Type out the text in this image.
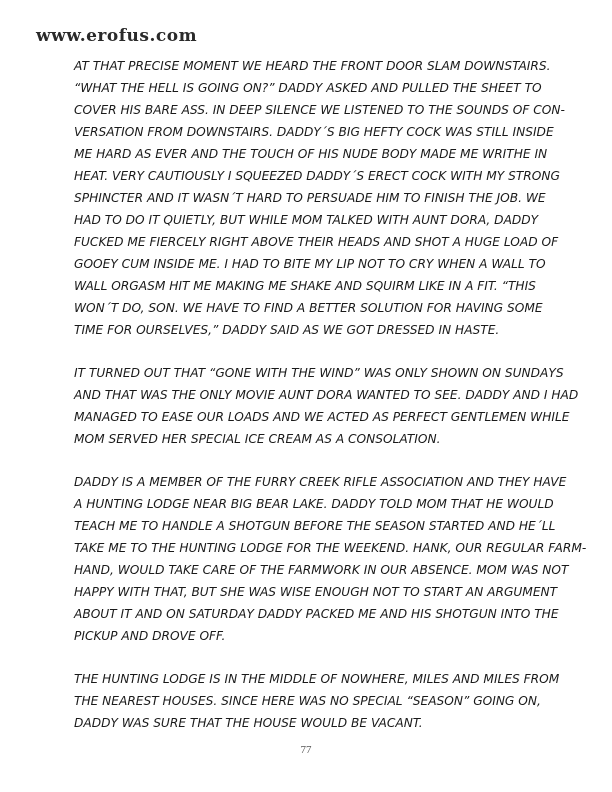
www.erofus.com

AT THAT PRECISE MOMENT WE HEARD THE FRONT DOOR SLAM DOWNSTAIRS.
“WHAT THE HELL IS GOING ON?” DADDY ASKED AND PULLED THE SHEET TO
COVER HIS BARE ASS. IN DEEP SILENCE WE LISTENED TO THE SOUNDS OF CON-
VERSATION FROM DOWNSTAIRS. DADDY´S BIG HEFTY COCK WAS STILL INSIDE
ME HARD AS EVER AND THE TOUCH OF HIS NUDE BODY MADE ME WRITHE IN
HEAT. VERY CAUTIOUSLY I SQUEEZED DADDY´S ERECT COCK WITH MY STRONG
SPHINCTER AND IT WASN´T HARD TO PERSUADE HIM TO FINISH THE JOB. WE
HAD TO DO IT QUIETLY, BUT WHILE MOM TALKED WITH AUNT DORA, DADDY
FUCKED ME FIERCELY RIGHT ABOVE THEIR HEADS AND SHOT A HUGE LOAD OF
GOOEY CUM INSIDE ME. I HAD TO BITE MY LIP NOT TO CRY WHEN A WALL TO
WALL ORGASM HIT ME MAKING ME SHAKE AND SQUIRM LIKE IN A FIT. “THIS
WON´T DO, SON. WE HAVE TO FIND A BETTER SOLUTION FOR HAVING SOME
TIME FOR OURSELVES,” DADDY SAID AS WE GOT DRESSED IN HASTE.

IT TURNED OUT THAT “GONE WITH THE WIND” WAS ONLY SHOWN ON SUNDAYS
AND THAT WAS THE ONLY MOVIE AUNT DORA WANTED TO SEE. DADDY AND I HAD
MANAGED TO EASE OUR LOADS AND WE ACTED AS PERFECT GENTLEMEN WHILE
MOM SERVED HER SPECIAL ICE CREAM AS A CONSOLATION.

DADDY IS A MEMBER OF THE FURRY CREEK RIFLE ASSOCIATION AND THEY HAVE
A HUNTING LODGE NEAR BIG BEAR LAKE. DADDY TOLD MOM THAT HE WOULD
TEACH ME TO HANDLE A SHOTGUN BEFORE THE SEASON STARTED AND HE´LL
TAKE ME TO THE HUNTING LODGE FOR THE WEEKEND. HANK, OUR REGULAR FARM-
HAND, WOULD TAKE CARE OF THE FARMWORK IN OUR ABSENCE. MOM WAS NOT
HAPPY WITH THAT, BUT SHE WAS WISE ENOUGH NOT TO START AN ARGUMENT
ABOUT IT AND ON SATURDAY DADDY PACKED ME AND HIS SHOTGUN INTO THE
PICKUP AND DROVE OFF.

THE HUNTING LODGE IS IN THE MIDDLE OF NOWHERE, MILES AND MILES FROM
THE NEAREST HOUSES. SINCE HERE WAS NO SPECIAL “SEASON” GOING ON,
DADDY WAS SURE THAT THE HOUSE WOULD BE VACANT.

77
